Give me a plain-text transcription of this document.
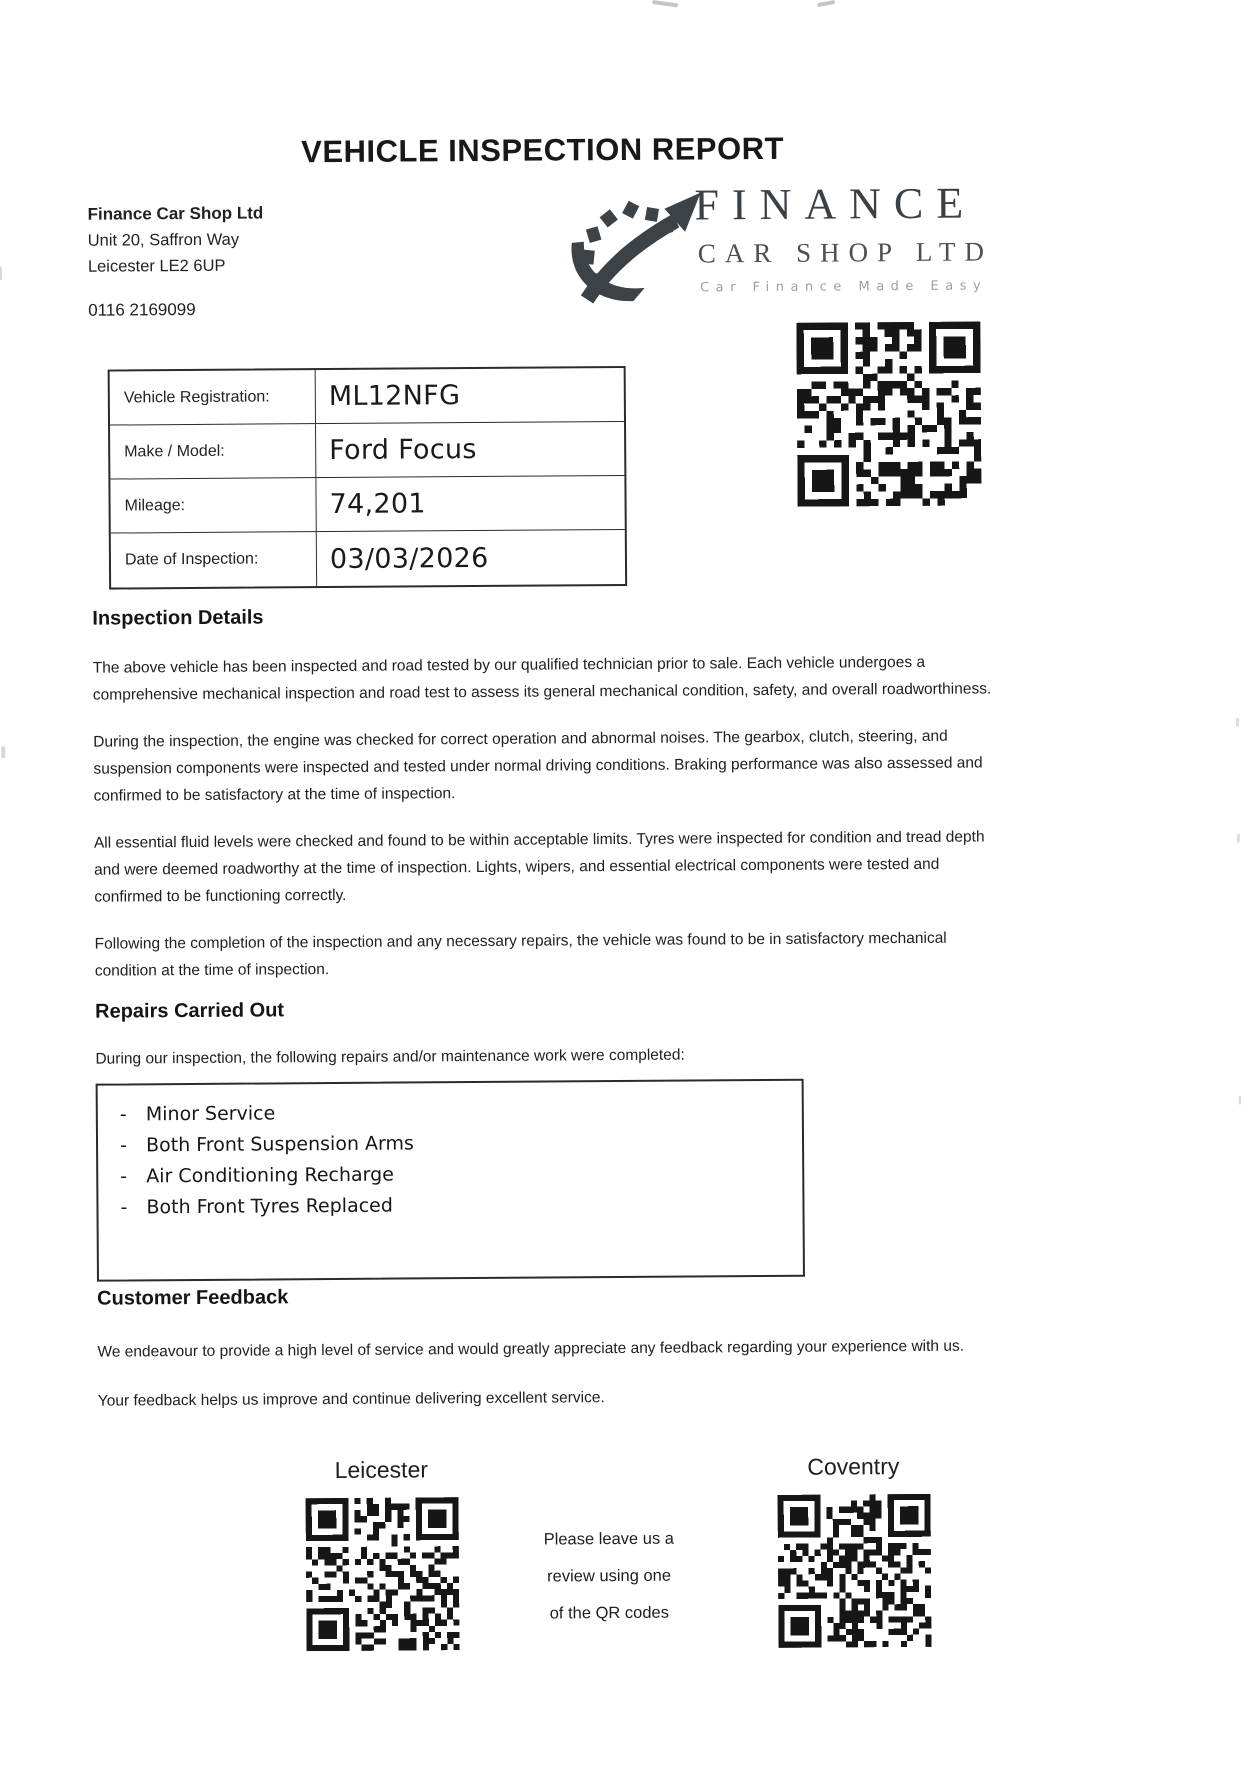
VEHICLE INSPECTION REPORT
Finance Car Shop Ltd
Unit 20, Saffron Way
Leicester LE2 6UP
0116 2169099
FINANCE
CAR SHOP LTD
Car Finance Made Easy
Vehicle Registration:	ML12NFG
Make / Model:	Ford Focus
Mileage:	74,201
Date of Inspection:	03/03/2026
Inspection Details

The above vehicle has been inspected and road tested by our qualified technician prior to sale. Each vehicle undergoes a comprehensive mechanical inspection and road test to assess its general mechanical condition, safety, and overall roadworthiness.

During the inspection, the engine was checked for correct operation and abnormal noises. The gearbox, clutch, steering, and suspension components were inspected and tested under normal driving conditions. Braking performance was also assessed and confirmed to be satisfactory at the time of inspection.

All essential fluid levels were checked and found to be within acceptable limits. Tyres were inspected for condition and tread depth and were deemed roadworthy at the time of inspection. Lights, wipers, and essential electrical components were tested and confirmed to be functioning correctly.

Following the completion of the inspection and any necessary repairs, the vehicle was found to be in satisfactory mechanical condition at the time of inspection.

Repairs Carried Out

During our inspection, the following repairs and/or maintenance work were completed:

- Minor Service
- Both Front Suspension Arms
- Air Conditioning Recharge
- Both Front Tyres Replaced
Customer Feedback

We endeavour to provide a high level of service and would greatly appreciate any feedback regarding your experience with us.

Your feedback helps us improve and continue delivering excellent service.

Leicester
Please leave us a
review using one
of the QR codes
Coventry
